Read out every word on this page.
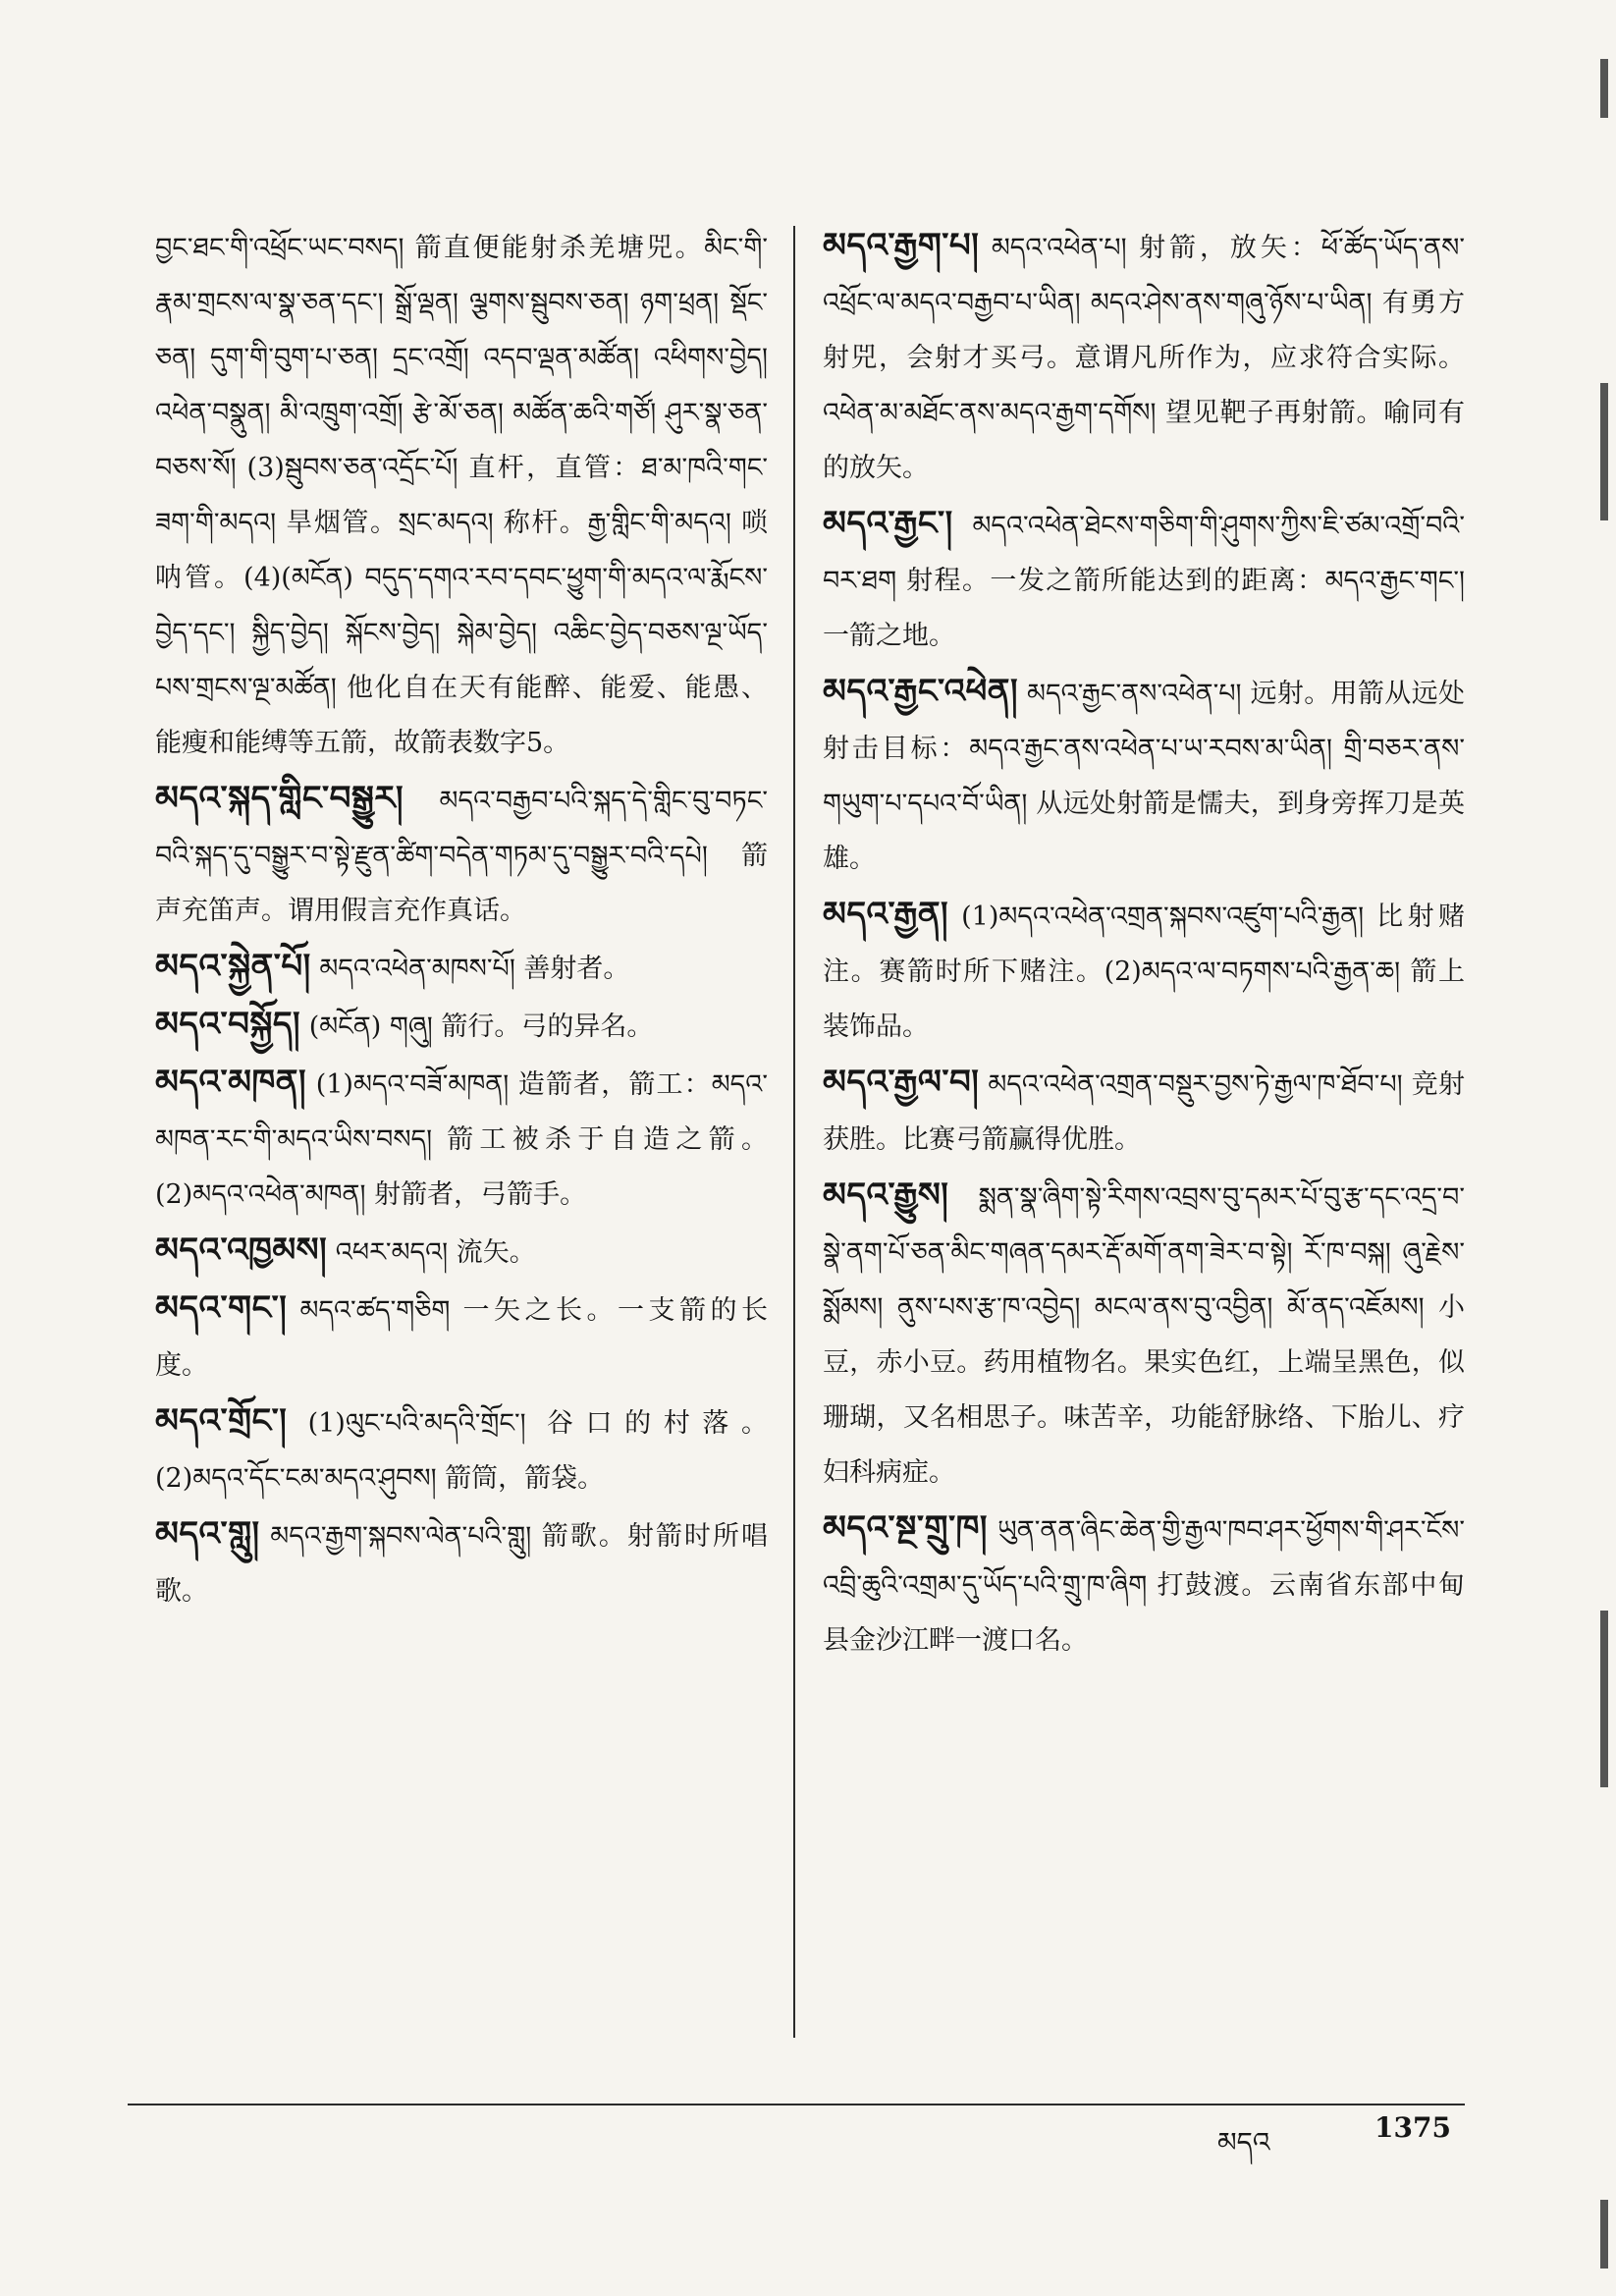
བྱང་ཐང་གི་འཕྲོང་ཡང་བསད། 箭直便能射杀羌塘兕。མིང་གི་རྣམ་གྲངས་ལ་སྣ་ཅན་དང་། སྒྲོ་ལྡན། ལྕགས་སྦུབས་ཅན། ཉག་ཕྲན། སྡོང་ཅན། དུག་གི་བུག་པ་ཅན། དྲང་འགྲོ། འདབ་ལྡན་མཚོན། འཕིགས་བྱེད། འཕེན་བསྣུན། མི་འཁྲུག་འགྲོ། རྩེ་མོ་ཅན། མཚོན་ཆའི་གཙོ། ཤུར་སྣ་ཅན་བཅས་སོ། (3)སྦུབས་ཅན་འདྲོང་པོ། 直杆，直管：ཐ་མ་ཁའི་གང་ཟག་གི་མདའ། 旱烟管。སྲང་མདའ། 称杆。རྒྱ་གླིང་གི་མདའ། 唢呐管。(4)(མངོན) བདུད་དགའ་རབ་དབང་ཕྱུག་གི་མདའ་ལ་རྨོངས་བྱེད་དང་། སྐྱིད་བྱེད། སྐོངས་བྱེད། སྐེམ་བྱེད། འཆིང་བྱེད་བཅས་ལྔ་ཡོད་པས་གྲངས་ལྔ་མཚོན། 他化自在天有能醉、能爱、能愚、能瘦和能缚等五箭，故箭表数字5。
མདའ་སྐད་གླིང་བསྒྱུར། མདའ་བརྒྱབ་པའི་སྐད་དེ་གླིང་བུ་བཏང་བའི་སྐད་དུ་བསྒྱུར་བ་སྟེ་རྫུན་ཚིག་བདེན་གཏམ་དུ་བསྒྱུར་བའི་དཔེ། 箭声充笛声。谓用假言充作真话。
མདའ་སྐྱེན་པོ། མདའ་འཕེན་མཁས་པོ། 善射者。
མདའ་བསྐྱོད། (མངོན) གཞུ། 箭行。弓的异名。
མདའ་མཁན། (1)མདའ་བཟོ་མཁན། 造箭者，箭工：མདའ་མཁན་རང་གི་མདའ་ཡིས་བསད། 箭工被杀于自造之箭。(2)མདའ་འཕེན་མཁན། 射箭者，弓箭手。
མདའ་འཁྱམས། འཕར་མདའ། 流矢。
མདའ་གང་། མདའ་ཚད་གཅིག 一矢之长。一支箭的长度。
མདའ་གྲོང་། (1)ལུང་པའི་མདའི་གྲོང་། 谷口的村落。(2)མདའ་དོང་ངམ་མདའ་ཤུབས། 箭筒，箭袋。
མདའ་གླུ། མདའ་རྒྱག་སྐབས་ལེན་པའི་གླུ། 箭歌。射箭时所唱歌。
མདའ་རྒྱག་པ། མདའ་འཕེན་པ། 射箭，放矢：ཕོ་ཚོད་ཡོད་ནས་འཕྲོང་ལ་མདའ་བརྒྱབ་པ་ཡིན། མདའ་ཤེས་ནས་གཞུ་ཉོས་པ་ཡིན། 有勇方射兕，会射才买弓。意谓凡所作为，应求符合实际。འཕེན་མ་མཐོང་ནས་མདའ་རྒྱག་དགོས། 望见靶子再射箭。喻同有的放矢。
མདའ་རྒྱང་། མདའ་འཕེན་ཐེངས་གཅིག་གི་ཤུགས་ཀྱིས་ཇི་ཙམ་འགྲོ་བའི་བར་ཐག 射程。一发之箭所能达到的距离：མདའ་རྒྱང་གང་། 一箭之地。
མདའ་རྒྱང་འཕེན། མདའ་རྒྱང་ནས་འཕེན་པ། 远射。用箭从远处射击目标：མདའ་རྒྱང་ནས་འཕེན་པ་ཡ་རབས་མ་ཡིན། གྲི་བཅར་ནས་གཡུག་པ་དཔའ་བོ་ཡིན། 从远处射箭是懦夫，到身旁挥刀是英雄。
མདའ་རྒྱན། (1)མདའ་འཕེན་འགྲན་སྐབས་འཛུག་པའི་རྒྱན། 比射赌注。赛箭时所下赌注。(2)མདའ་ལ་བཏགས་པའི་རྒྱན་ཆ། 箭上装饰品。
མདའ་རྒྱལ་བ། མདའ་འཕེན་འགྲན་བསྡུར་བྱས་ཏེ་རྒྱལ་ཁ་ཐོབ་པ། 竞射获胜。比赛弓箭赢得优胜。
མདའ་རྒྱུས། སྨན་སྣ་ཞིག་སྟེ་རིགས་འབྲས་བུ་དམར་པོ་བུ་རྩ་དང་འདྲ་བ་སྣེ་ནག་པོ་ཅན་མིང་གཞན་དམར་རྡོ་མགོ་ནག་ཟེར་བ་སྟེ། རོ་ཁ་བསྐ། ཞུ་རྗེས་སྨོམས། ནུས་པས་རྩ་ཁ་འབྱེད། མངལ་ནས་བུ་འབྱིན། མོ་ནད་འཇོམས། 小豆，赤小豆。药用植物名。果实色红，上端呈黑色，似珊瑚，又名相思子。味苦辛，功能舒脉络、下胎儿、疗妇科病症。
མདའ་སྔ་གྲུ་ཁ། ཡུན་ནན་ཞིང་ཆེན་གྱི་རྒྱལ་ཁབ་ཤར་ཕྱོགས་གི་ཤར་ངོས་འབྲི་ཆུའི་འགྲམ་དུ་ཡོད་པའི་གྲུ་ཁ་ཞིག 打鼓渡。云南省东部中甸县金沙江畔一渡口名。
མདའ	1375
